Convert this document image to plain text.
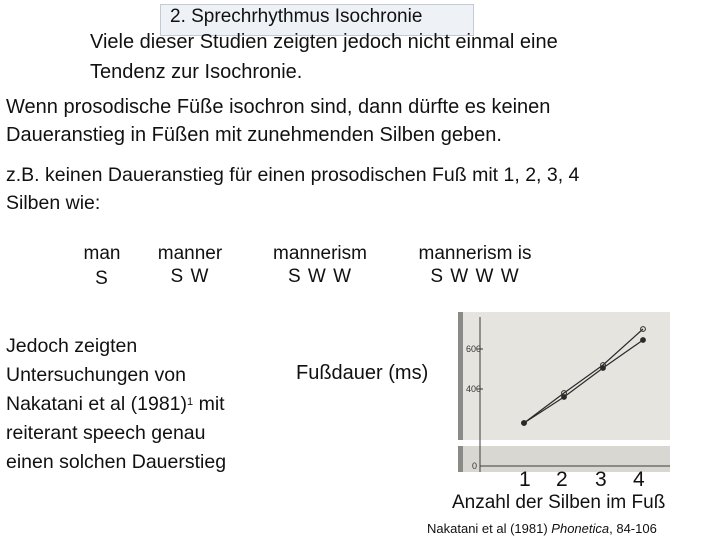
2. Sprechrhythmus Isochronie
Viele dieser Studien zeigten jedoch nicht einmal eine
Tendenz zur Isochronie.
Wenn prosodische Füße isochron sind, dann dürfte es keinen
Daueranstieg in Füßen mit zunehmenden Silben geben.
z.B. keinen Daueranstieg für einen prosodischen Fuß mit 1, 2, 3, 4
Silben wie:
man
S
manner
S W
mannerism
S W W
mannerism is
S W W W
Jedoch zeigten
Untersuchungen von
Nakatani et al $(1981)^1$ mit
reiterant speech genau
einen solchen Dauerstieg
Fußdauer (ms)
600
400
0
1 2 3 4
Anzahl der Silben im Fuß
Nakatani et al (1981) Phonetica, 84-106
